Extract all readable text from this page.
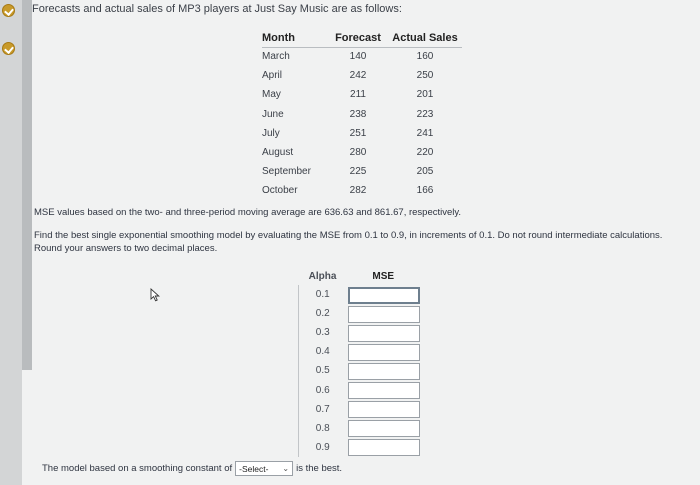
Forecasts and actual sales of MP3 players at Just Say Music are as follows:
Month	Forecast	Actual Sales
March	140	160
April	242	250
May	211	201
June	238	223
July	251	241
August	280	220
September	225	205
October	282	166
MSE values based on the two- and three-period moving average are 636.63 and 861.67, respectively.
Find the best single exponential smoothing model by evaluating the MSE from 0.1 to 0.9, in increments of 0.1. Do not round intermediate calculations. Round your answers to two decimal places.
Alpha	MSE
0.1	

0.2	

0.3	

0.4	

0.5	

0.6	

0.7	

0.8	

0.9	
The model based on a smoothing constant of -Select- ⌄ is the best.
